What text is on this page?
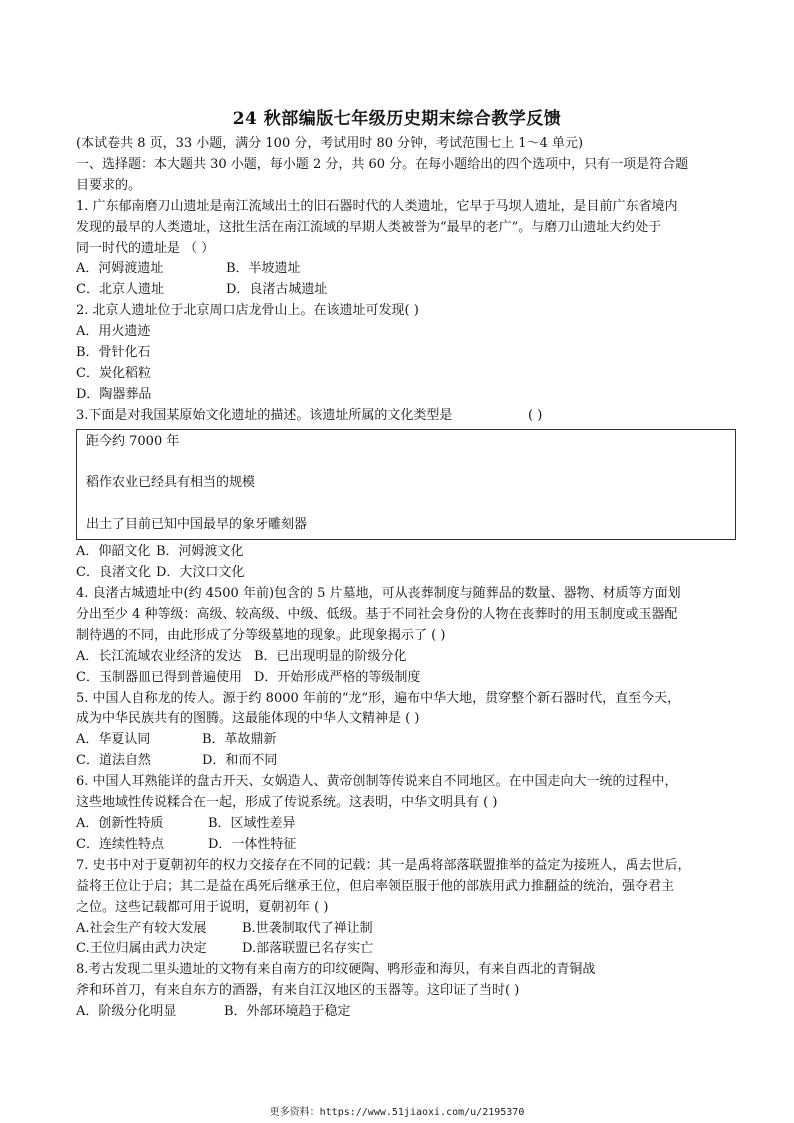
24 秋部编版七年级历史期末综合教学反馈
(本试卷共 8 页，33 小题，满分 100 分，考试用时 80 分钟，考试范围七上 1～4 单元)
一、选择题：本大题共 30 小题，每小题 2 分，共 60 分。在每小题给出的四个选项中，只有一项是符合题
目要求的。
1. 广东郁南磨刀山遗址是南江流域出土的旧石器时代的人类遗址，它早于马坝人遗址，是目前广东省境内
发现的最早的人类遗址，这批生活在南江流域的早期人类被誉为“最早的老广”。与磨刀山遗址大约处于
同一时代的遗址是 （ ）
A．河姆渡遗址	B．半坡遗址
C．北京人遗址	D．良渚古城遗址
2. 北京人遗址位于北京周口店龙骨山上。在该遗址可发现( )
A．用火遗迹
B．骨针化石
C．炭化稻粒
D．陶器葬品
3.下面是对我国某原始文化遗址的描述。该遗址所属的文化类型是	( )
距今约 7000 年
稻作农业已经具有相当的规模
出土了目前已知中国最早的象牙雕刻器
A．仰韶文化 B．河姆渡文化
C．良渚文化 D．大汶口文化
4. 良渚古城遗址中(约 4500 年前)包含的 5 片墓地，可从丧葬制度与随葬品的数量、器物、材质等方面划
分出至少 4 种等级：高级、较高级、中级、低级。基于不同社会身份的人物在丧葬时的用玉制度或玉器配
制待遇的不同，由此形成了分等级墓地的现象。此现象揭示了 ( )
A．长江流域农业经济的发达 B．已出现明显的阶级分化
C．玉制器皿已得到普遍使用 D．开始形成严格的等级制度
5. 中国人自称龙的传人。源于约 8000 年前的“龙”形，遍布中华大地，贯穿整个新石器时代，直至今天，
成为中华民族共有的图腾。这最能体现的中华人文精神是 ( )
A．华夏认同	B．革故鼎新
C．道法自然	D．和而不同
6. 中国人耳熟能详的盘古开天、女娲造人、黄帝创制等传说来自不同地区。在中国走向大一统的过程中，
这些地域性传说糅合在一起，形成了传说系统。这表明，中华文明具有 ( )
A．创新性特质	B．区域性差异
C．连续性特点	D．一体性特征
7. 史书中对于夏朝初年的权力交接存在不同的记载：其一是禹将部落联盟推举的益定为接班人，禹去世后，
益将王位让于启；其二是益在禹死后继承王位，但启率领臣服于他的部族用武力推翻益的统治，强夺君主
之位。这些记载都可用于说明，夏朝初年 ( )
A.社会生产有较大发展	B.世袭制取代了禅让制
C.王位归属由武力决定	D.部落联盟已名存实亡
8.考古发现二里头遗址的文物有来自南方的印纹硬陶、鸭形壶和海贝，有来自西北的青铜战
斧和环首刀，有来自东方的酒器，有来自江汉地区的玉器等。这印证了当时( )
A．阶级分化明显	B．外部环境趋于稳定
更多资料：https://www.51jiaoxi.com/u/2195370
